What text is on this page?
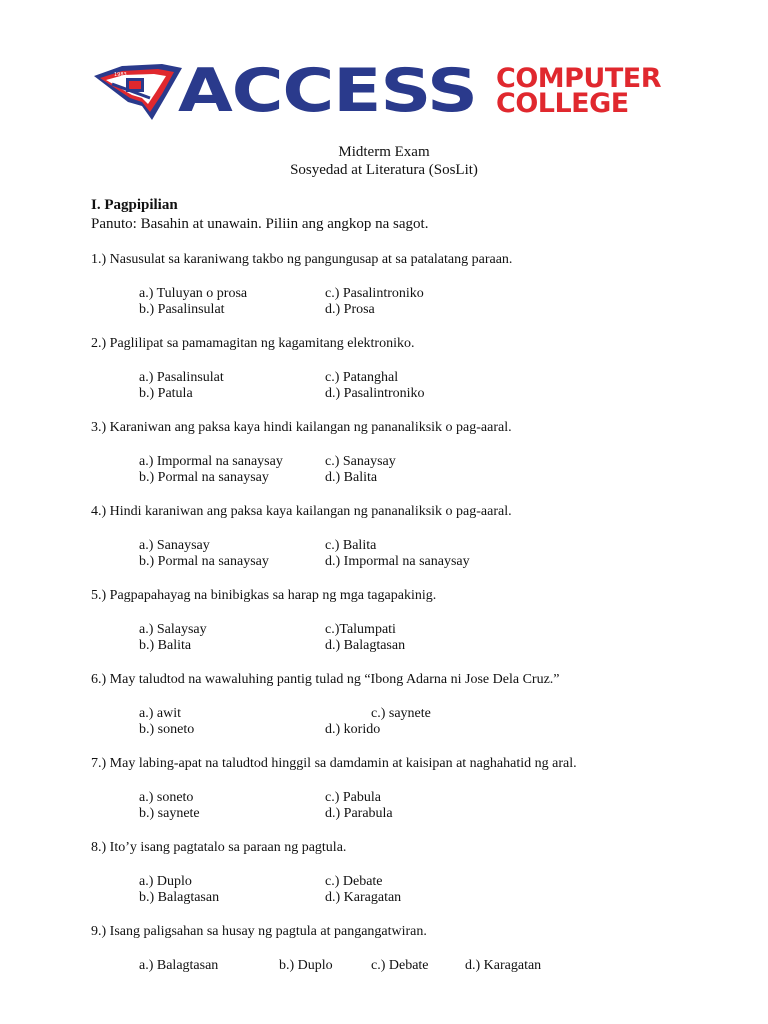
1983 ACCESS COMPUTER
COLLEGE
Midterm Exam
Sosyedad at Literatura (SosLit)
I. Pagpipilian
Panuto: Basahin at unawain. Piliin ang angkop na sagot.
1.) Nasusulat sa karaniwang takbo ng pangungusap at sa patalatang paraan.
a.) Tuluyan o prosa
b.) Pasalinsulat
c.) Pasalintroniko
d.) Prosa
2.) Paglilipat sa pamamagitan ng kagamitang elektroniko.
a.) Pasalinsulat
b.) Patula
c.) Patanghal
d.) Pasalintroniko
3.) Karaniwan ang paksa kaya hindi kailangan ng pananaliksik o pag-aaral.
a.) Impormal na sanaysay
b.) Pormal na sanaysay
c.) Sanaysay
d.) Balita
4.) Hindi karaniwan ang paksa kaya kailangan ng pananaliksik o pag-aaral.
a.) Sanaysay
b.) Pormal na sanaysay
c.) Balita
d.) Impormal na sanaysay
5.) Pagpapahayag na binibigkas sa harap ng mga tagapakinig.
a.) Salaysay
b.) Balita
c.)Talumpati
d.) Balagtasan
6.) May taludtod na wawaluhing pantig tulad ng “Ibong Adarna ni Jose Dela Cruz.”
a.) awit
b.) soneto
c.) saynete
d.) korido
7.) May labing-apat na taludtod hinggil sa damdamin at kaisipan at naghahatid ng aral.
a.) soneto
b.) saynete
c.) Pabula
d.) Parabula
8.) Ito’y isang pagtatalo sa paraan ng pagtula.
a.) Duplo
b.) Balagtasan
c.) Debate
d.) Karagatan
9.) Isang paligsahan sa husay ng pagtula at pangangatwiran.
a.) Balagtasan	b.) Duplo	c.) Debate	d.) Karagatan
